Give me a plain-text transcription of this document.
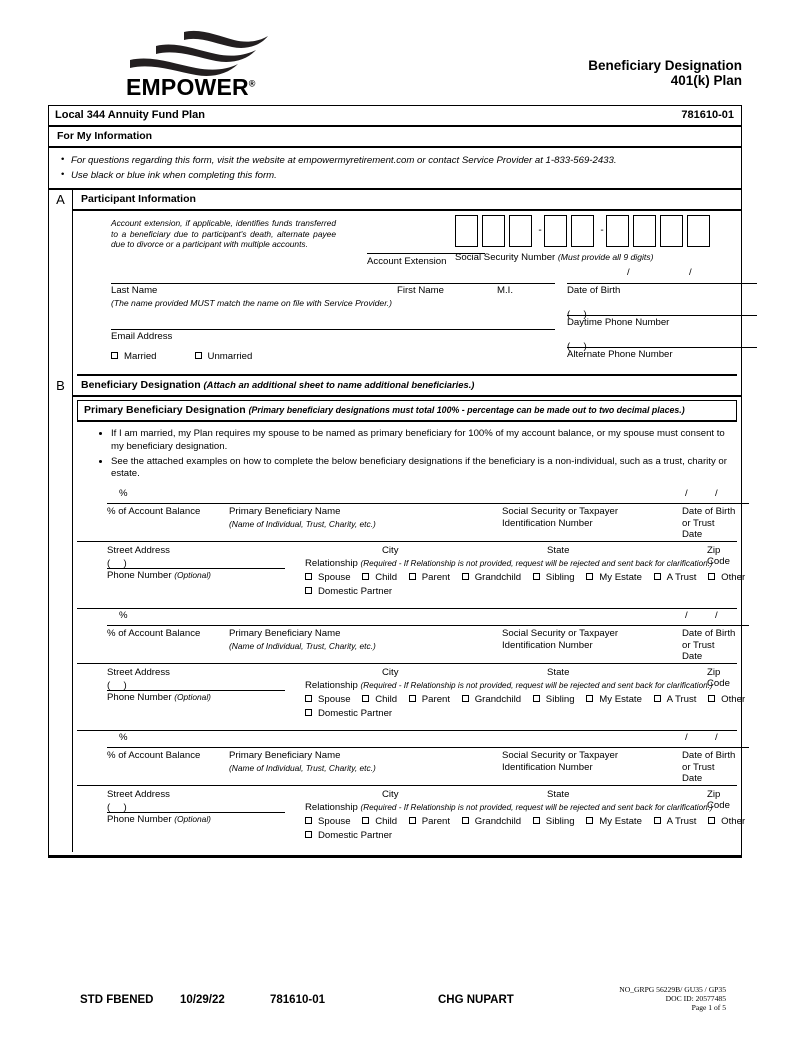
EMPOWER®
Beneficiary Designation
401(k) Plan
Local 344 Annuity Fund Plan	781610-01
For My Information
• For questions regarding this form, visit the website at empowermyretirement.com or contact Service Provider at 1-833-569-2433.
• Use black or blue ink when completing this form.
A	Participant Information
Account extension, if applicable, identifies funds transferred to a beneficiary due to participant's death, alternate payee due to divorce or a participant with multiple accounts.
Account Extension
-	-
Social Security Number (Must provide all 9 digits)
/	/
Date of Birth
Last Name	First Name	M.I.
(The name provided MUST match the name on file with Service Provider.)
( )
Daytime Phone Number
Email Address
( )
Alternate Phone Number
Married	Unmarried
B	Beneficiary Designation (Attach an additional sheet to name additional beneficiaries.)
Primary Beneficiary Designation (Primary beneficiary designations must total 100% - percentage can be made out to two decimal places.)
• If I am married, my Plan requires my spouse to be named as primary beneficiary for 100% of my account balance, or my spouse must consent to my beneficiary designation.
• See the attached examples on how to complete the below beneficiary designations if the beneficiary is a non-individual, such as a trust, charity or estate.
%	/	/
% of Account Balance	Primary Beneficiary Name
(Name of Individual, Trust, Charity, etc.)
Social Security or Taxpayer
Identification Number
Date of Birth
or Trust Date
Street Address	City	State	Zip Code
( )
Phone Number (Optional)
Relationship (Required - If Relationship is not provided, request will be rejected and sent back for clarification.)
Spouse	Child	Parent	Grandchild	Sibling	My Estate	A Trust	Other
Domestic Partner
%	/	/
% of Account Balance	Primary Beneficiary Name
(Name of Individual, Trust, Charity, etc.)
Social Security or Taxpayer
Identification Number
Date of Birth
or Trust Date
Street Address	City	State	Zip Code
( )
Phone Number (Optional)
Relationship (Required - If Relationship is not provided, request will be rejected and sent back for clarification.)
Spouse	Child	Parent	Grandchild	Sibling	My Estate	A Trust	Other
Domestic Partner
%	/	/
% of Account Balance	Primary Beneficiary Name
(Name of Individual, Trust, Charity, etc.)
Social Security or Taxpayer
Identification Number
Date of Birth
or Trust Date
Street Address	City	State	Zip Code
( )
Phone Number (Optional)
Relationship (Required - If Relationship is not provided, request will be rejected and sent back for clarification.)
Spouse	Child	Parent	Grandchild	Sibling	My Estate	A Trust	Other
Domestic Partner
STD FBENED 10/29/22	781610-01	CHG NUPART
NO_GRPG 56229B/ GU35 / GP35
DOC ID: 20577485
Page 1 of 5
